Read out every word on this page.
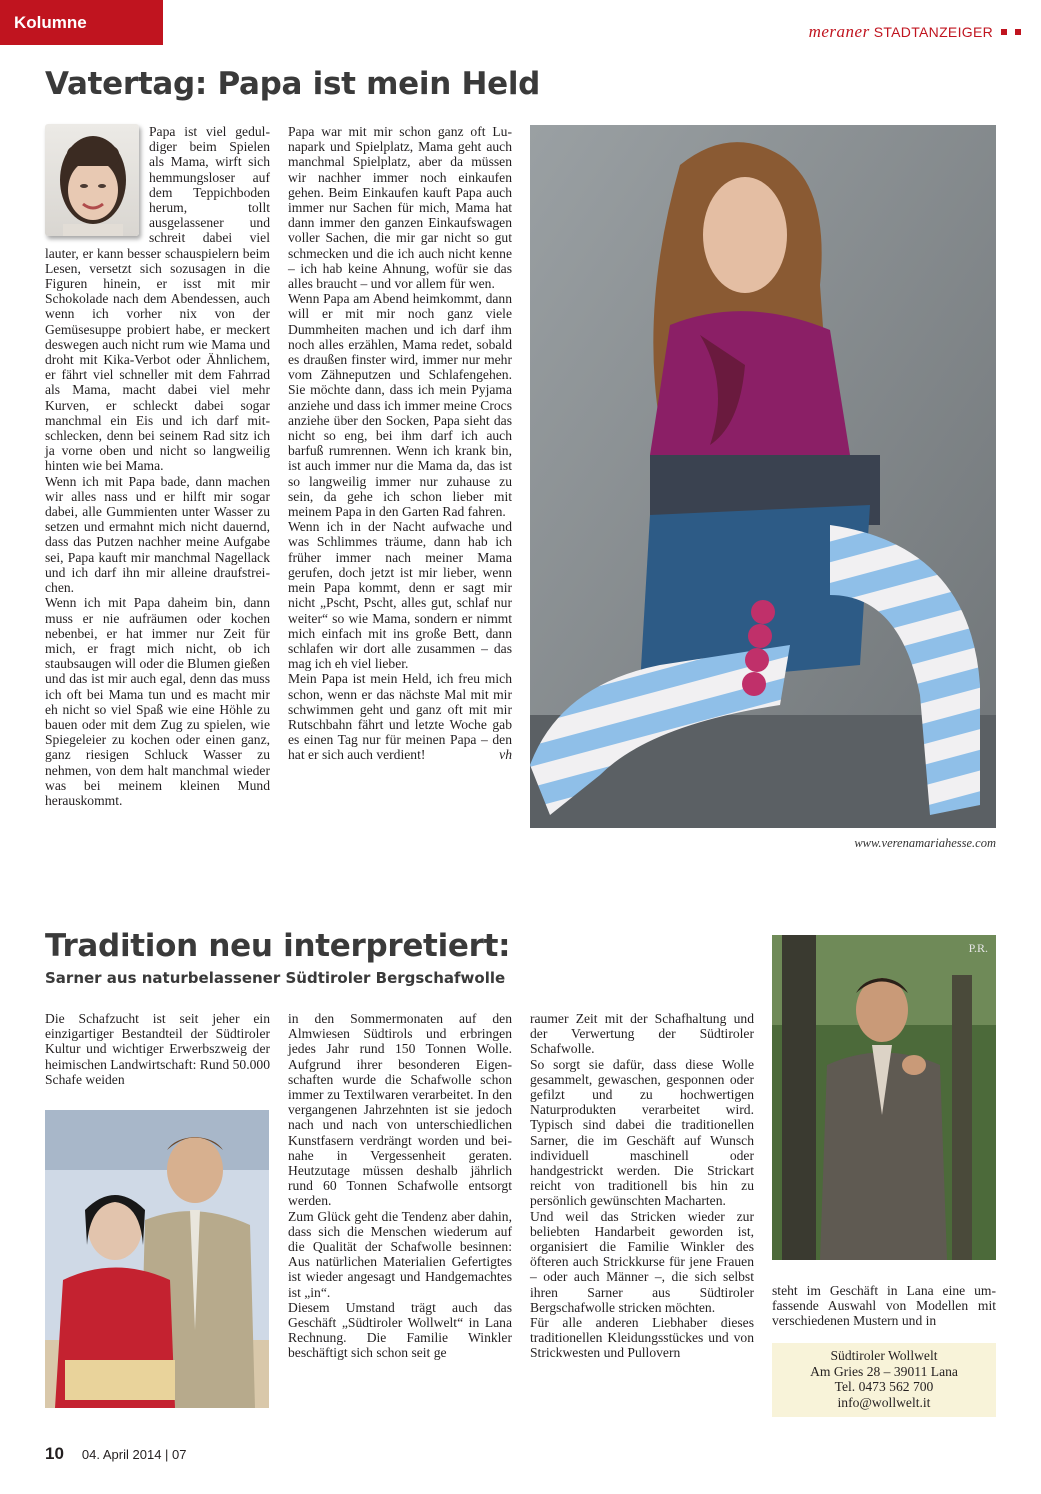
Kolumne	meraner STADTANZEIGER
Vatertag: Papa ist mein Held

Papa ist viel geduldiger beim Spielen als Mama, wirft sich hemmungsloser auf dem Teppichboden herum, tollt ausgelassener und schreit dabei viel lauter, er kann besser schauspielern beim Lesen, versetzt sich sozusagen in die Figuren hinein, er isst mit mir Schokolade nach dem Abendessen, auch wenn ich vorher nix von der Gemüsesuppe probiert habe, er meckert deswegen auch nicht rum wie Mama und droht mit Kika-Verbot oder Ähnlichem, er fährt viel schneller mit dem Fahrrad als Mama, macht dabei viel mehr Kurven, er schleckt dabei sogar manchmal ein Eis und ich darf mitschlecken, denn bei seinem Rad sitz ich ja vorne oben und nicht so langweilig hinten wie bei Mama.

Wenn ich mit Papa bade, dann machen wir alles nass und er hilft mir sogar dabei, alle Gummienten unter Wasser zu setzen und ermahnt mich nicht dauernd, dass das Putzen nachher meine Aufgabe sei, Papa kauft mir manchmal Nagellack und ich darf ihn mir alleine draufstreichen.

Wenn ich mit Papa daheim bin, dann muss er nie aufräumen oder kochen nebenbei, er hat immer nur Zeit für mich, er fragt mich nicht, ob ich staubsaugen will oder die Blumen gießen und das ist mir auch egal, denn das muss ich oft bei Mama tun und es macht mir eh nicht so viel Spaß wie eine Höhle zu bauen oder mit dem Zug zu spielen, wie Spiegeleier zu kochen oder einen ganz, ganz riesigen Schluck Wasser zu nehmen, von dem halt manchmal wieder was bei meinem kleinen Mund herauskommt.

Papa war mit mir schon ganz oft Lunapark und Spielplatz, Mama geht auch manchmal Spielplatz, aber da müssen wir nachher immer noch einkaufen gehen. Beim Einkaufen kauft Papa auch immer nur Sachen für mich, Mama hat dann immer den ganzen Einkaufswagen voller Sachen, die mir gar nicht so gut schmecken und die ich auch nicht kenne – ich hab keine Ahnung, wofür sie das alles braucht – und vor allem für wen.

Wenn Papa am Abend heimkommt, dann will er mit mir noch ganz viele Dummheiten machen und ich darf ihm noch alles erzählen, Mama redet, sobald es draußen finster wird, immer nur mehr vom Zähneputzen und Schlafengehen. Sie möchte dann, dass ich mein Pyjama anziehe und dass ich immer meine Crocs anziehe über den Socken, Papa sieht das nicht so eng, bei ihm darf ich auch barfuß rumrennen. Wenn ich krank bin, ist auch immer nur die Mama da, das ist so langweilig immer nur zuhause zu sein, da gehe ich schon lieber mit meinem Papa in den Garten Rad fahren.

Wenn ich in der Nacht aufwache und was Schlimmes träume, dann hab ich früher immer nach meiner Mama gerufen, doch jetzt ist mir lieber, wenn mein Papa kommt, denn er sagt mir nicht „Pscht, Pscht, alles gut, schlaf nur weiter“ so wie Mama, sondern er nimmt mich einfach mit ins große Bett, dann schlafen wir dort alle zusammen – das mag ich eh viel lieber.

Mein Papa ist mein Held, ich freu mich schon, wenn er das nächste Mal mit mir schwimmen geht und ganz oft mit mir Rutschbahn fährt und letzte Woche gab es einen Tag nur für meinen Papa – den hat er sich auch verdient!	vh

www.verenamariahesse.com

Tradition neu interpretiert:

Sarner aus naturbelassener Südtiroler Bergschafwolle

Die Schafzucht ist seit jeher ein einzigartiger Bestandteil der Südtiroler Kultur und wichtiger Erwerbszweig der heimischen Landwirtschaft: Rund 50.000 Schafe weiden

in den Sommermonaten auf den Almwiesen Südtirols und erbringen jedes Jahr rund 150 Tonnen Wolle. Aufgrund ihrer besonderen Eigenschaften wurde die Schafwolle schon immer zu Textilwaren verarbeitet. In den vergangenen Jahrzehnten ist sie jedoch nach und nach von unterschiedlichen Kunstfasern verdrängt worden und beinahe in Vergessenheit geraten. Heutzutage müssen deshalb jährlich rund 60 Tonnen Schafwolle entsorgt werden.

Zum Glück geht die Tendenz aber dahin, dass sich die Menschen wiederum auf die Qualität der Schafwolle besinnen: Aus natürlichen Materialien Gefertigtes ist wieder angesagt und Handgemachtes ist „in“.

Diesem Umstand trägt auch das Geschäft „Südtiroler Wollwelt“ in Lana Rechnung. Die Familie Winkler beschäftigt sich schon seit ge

raumer Zeit mit der Schafhaltung und der Verwertung der Südtiroler Schafwolle.

So sorgt sie dafür, dass diese Wolle gesammelt, gewaschen, gesponnen oder gefilzt und zu hochwertigen Naturprodukten verarbeitet wird. Typisch sind dabei die traditionellen Sarner, die im Geschäft auf Wunsch individuell maschinell oder handgestrickt werden. Die Strickart reicht von traditionell bis hin zu persönlich gewünschten Macharten.

Und weil das Stricken wieder zur beliebten Handarbeit geworden ist, organisiert die Familie Winkler des öfteren auch Strickkurse für jene Frauen – oder auch Männer –, die sich selbst ihren Sarner aus Südtiroler Bergschafwolle stricken möchten.

Für alle anderen Liebhaber dieses traditionellen Kleidungsstückes und von Strickwesten und Pullovern

P.R.

steht im Geschäft in Lana eine umfassende Auswahl von Modellen mit verschiedenen Mustern und in

Südtiroler Wollwelt
Am Gries 28 – 39011 Lana
Tel. 0473 562 700
info@wollwelt.it
10 04. April 2014 | 07
